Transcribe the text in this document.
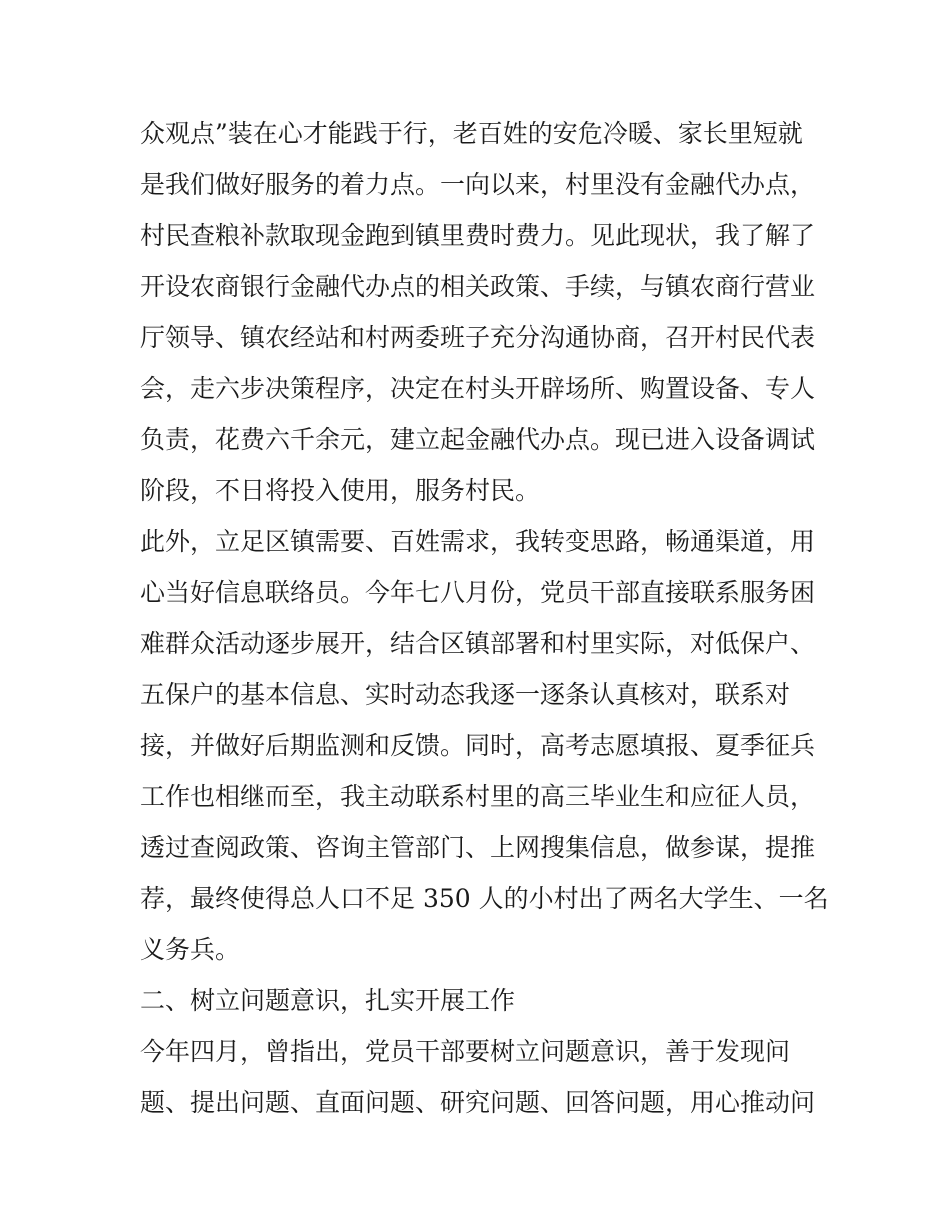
众观点”装在心才能践于行，老百姓的安危冷暖、家长里短就
是我们做好服务的着力点。一向以来，村里没有金融代办点，
村民查粮补款取现金跑到镇里费时费力。见此现状，我了解了
开设农商银行金融代办点的相关政策、手续，与镇农商行营业
厅领导、镇农经站和村两委班子充分沟通协商，召开村民代表
会，走六步决策程序，决定在村头开辟场所、购置设备、专人
负责，花费六千余元，建立起金融代办点。现已进入设备调试
阶段，不日将投入使用，服务村民。
此外，立足区镇需要、百姓需求，我转变思路，畅通渠道，用
心当好信息联络员。今年七八月份，党员干部直接联系服务困
难群众活动逐步展开，结合区镇部署和村里实际，对低保户、
五保户的基本信息、实时动态我逐一逐条认真核对，联系对
接，并做好后期监测和反馈。同时，高考志愿填报、夏季征兵
工作也相继而至，我主动联系村里的高三毕业生和应征人员，
透过查阅政策、咨询主管部门、上网搜集信息，做参谋，提推
荐，最终使得总人口不足 350 人的小村出了两名大学生、一名
义务兵。
二、树立问题意识，扎实开展工作
今年四月，曾指出，党员干部要树立问题意识，善于发现问
题、提出问题、直面问题、研究问题、回答问题，用心推动问
